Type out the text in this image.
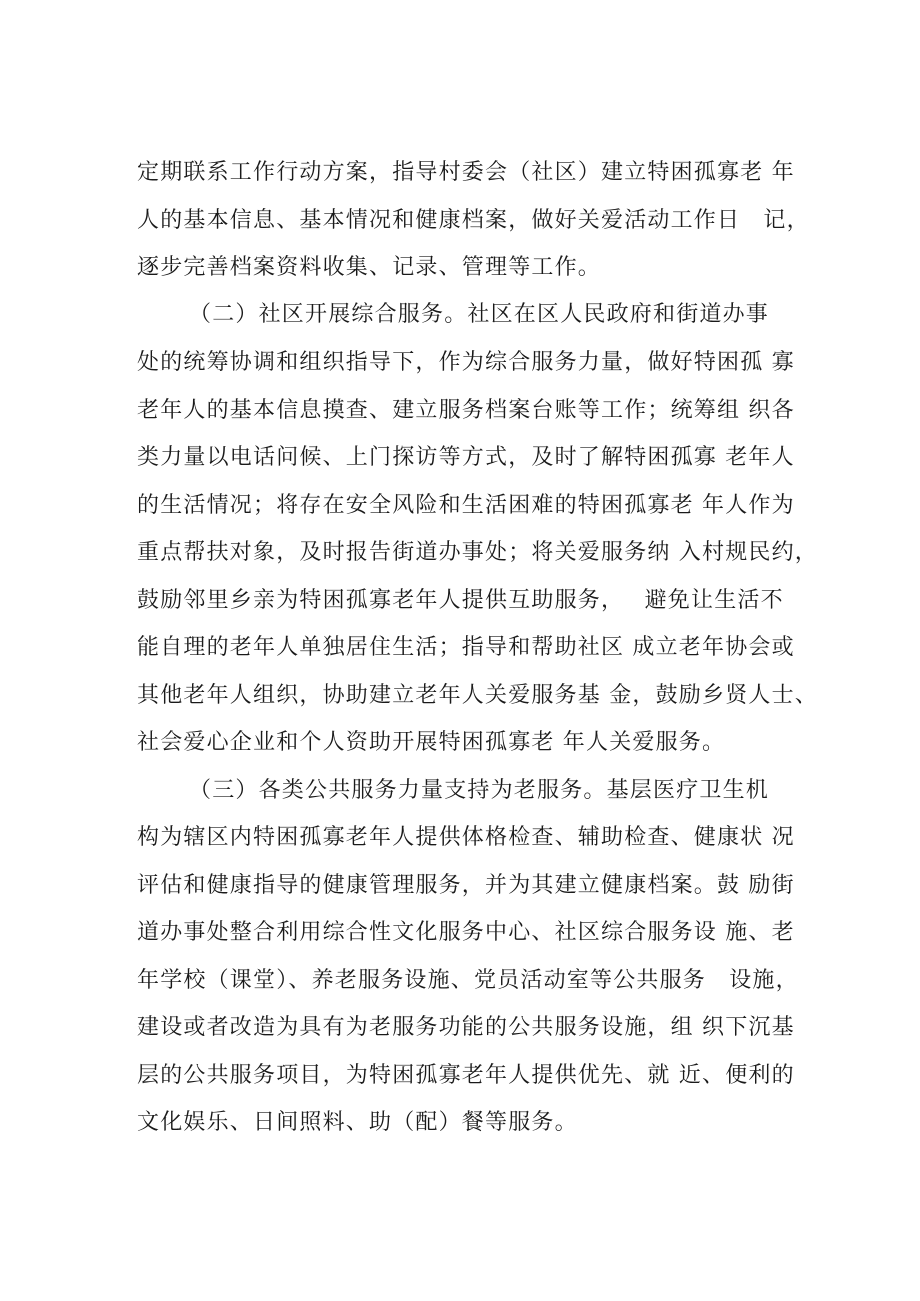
定期联系工作行动方案，指导村委会（社区）建立特困孤寡老 年
人的基本信息、基本情况和健康档案，做好关爱活动工作日　记，
逐步完善档案资料收集、记录、管理等工作。
（二）社区开展综合服务。社区在区人民政府和街道办事
处的统筹协调和组织指导下，作为综合服务力量，做好特困孤 寡
老年人的基本信息摸查、建立服务档案台账等工作；统筹组 织各
类力量以电话问候、上门探访等方式，及时了解特困孤寡 老年人
的生活情况；将存在安全风险和生活困难的特困孤寡老 年人作为
重点帮扶对象，及时报告街道办事处；将关爱服务纳 入村规民约，
鼓励邻里乡亲为特困孤寡老年人提供互助服务，　 避免让生活不
能自理的老年人单独居住生活；指导和帮助社区 成立老年协会或
其他老年人组织，协助建立老年人关爱服务基 金，鼓励乡贤人士、
社会爱心企业和个人资助开展特困孤寡老 年人关爱服务。
（三）各类公共服务力量支持为老服务。基层医疗卫生机
构为辖区内特困孤寡老年人提供体格检查、辅助检查、健康状 况
评估和健康指导的健康管理服务，并为其建立健康档案。鼓 励街
道办事处整合利用综合性文化服务中心、社区综合服务设 施、老
年学校（课堂）、养老服务设施、党员活动室等公共服务　设施，
建设或者改造为具有为老服务功能的公共服务设施，组 织下沉基
层的公共服务项目，为特困孤寡老年人提供优先、就 近、便利的
文化娱乐、日间照料、助（配）餐等服务。
